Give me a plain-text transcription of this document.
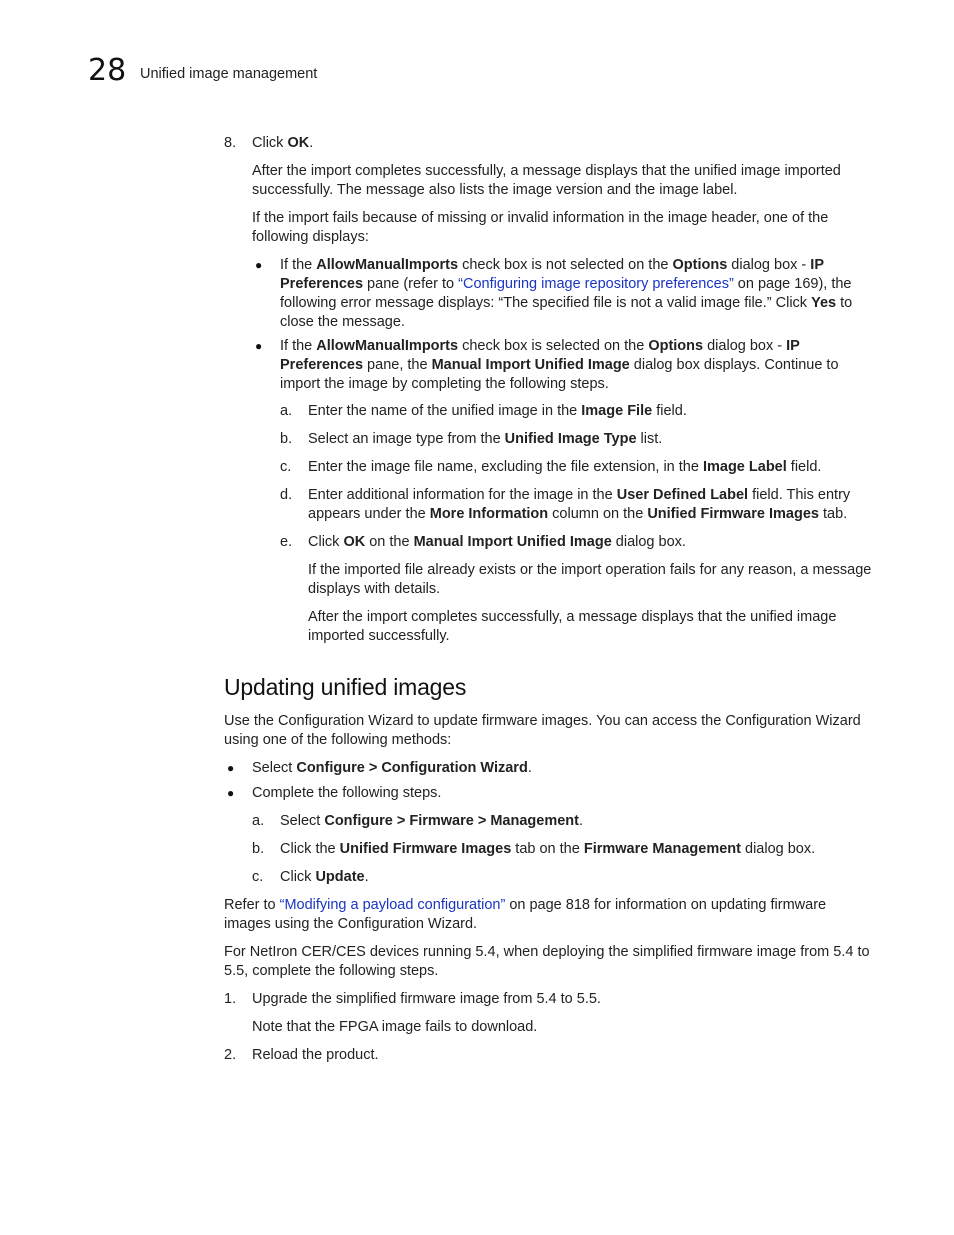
28 Unified image management
8. Click OK.
After the import completes successfully, a message displays that the unified image imported successfully. The message also lists the image version and the image label.
If the import fails because of missing or invalid information in the image header, one of the following displays:
● If the AllowManualImports check box is not selected on the Options dialog box - IP Preferences pane (refer to “Configuring image repository preferences” on page 169), the following error message displays: “The specified file is not a valid image file.” Click Yes to close the message.
● If the AllowManualImports check box is selected on the Options dialog box - IP Preferences pane, the Manual Import Unified Image dialog box displays. Continue to import the image by completing the following steps.
a. Enter the name of the unified image in the Image File field.
b. Select an image type from the Unified Image Type list.
c. Enter the image file name, excluding the file extension, in the Image Label field.
d. Enter additional information for the image in the User Defined Label field. This entry appears under the More Information column on the Unified Firmware Images tab.
e. Click OK on the Manual Import Unified Image dialog box.
If the imported file already exists or the import operation fails for any reason, a message displays with details.
After the import completes successfully, a message displays that the unified image imported successfully.
Updating unified images
Use the Configuration Wizard to update firmware images. You can access the Configuration Wizard using one of the following methods:
● Select Configure > Configuration Wizard.
● Complete the following steps.
a. Select Configure > Firmware > Management.
b. Click the Unified Firmware Images tab on the Firmware Management dialog box.
c. Click Update.
Refer to “Modifying a payload configuration” on page 818 for information on updating firmware images using the Configuration Wizard.
For NetIron CER/CES devices running 5.4, when deploying the simplified firmware image from 5.4 to 5.5, complete the following steps.
1. Upgrade the simplified firmware image from 5.4 to 5.5.
Note that the FPGA image fails to download.
2. Reload the product.
